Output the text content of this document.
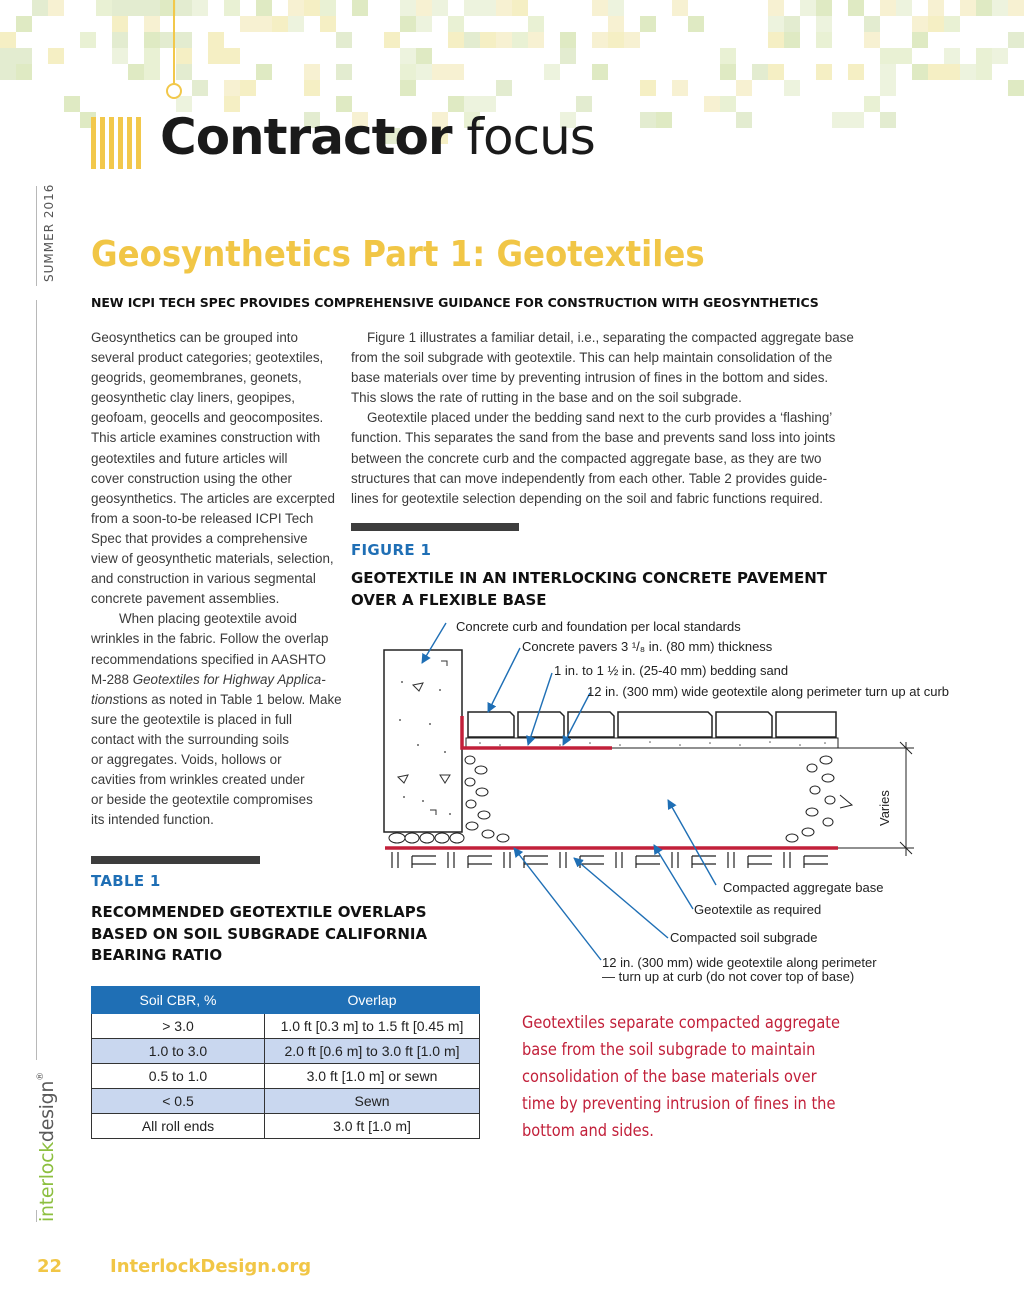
Contractor focus
SUMMER 2016
interlockdesign®
Geosynthetics Part 1: Geotextiles
NEW ICPI TECH SPEC PROVIDES COMPREHENSIVE GUIDANCE FOR CONSTRUCTION WITH GEOSYNTHETICS

Geosynthetics can be grouped into

several product categories; geotextiles,

geogrids, geomembranes, geonets,

geosynthetic clay liners, geopipes,

geofoam, geocells and geocomposites.

This article examines construction with

geotextiles and future articles will

cover construction using the other

geosynthetics. The articles are excerpted

from a soon-to-be released ICPI Tech

Spec that provides a comprehensive

view of geosynthetic materials, selection,

and construction in various segmental

concrete pavement assemblies.

When placing geotextile avoid

wrinkles in the fabric. Follow the overlap

recommendations specified in AASHTO

M-288 Geotextiles for Highway Applica-

tionstions as noted in Table 1 below. Make

sure the geotextile is placed in full

contact with the surrounding soils

or aggregates. Voids, hollows or

cavities from wrinkles created under

or beside the geotextile compromises

its intended function.

Figure 1 illustrates a familiar detail, i.e., separating the compacted aggregate base

from the soil subgrade with geotextile. This can help maintain consolidation of the

base materials over time by preventing intrusion of fines in the bottom and sides.

This slows the rate of rutting in the base and on the soil subgrade.

Geotextile placed under the bedding sand next to the curb provides a ‘flashing’

function. This separates the sand from the base and prevents sand loss into joints

between the concrete curb and the compacted aggregate base, as they are two

structures that can move independently from each other. Table 2 provides guide-

lines for geotextile selection depending on the soil and fabric functions required.

FIGURE 1
GEOTEXTILE IN AN INTERLOCKING CONCRETE PAVEMENT
OVER A FLEXIBLE BASE
Concrete curb and foundation per local standards
Concrete pavers 3 ¹/₈ in. (80 mm) thickness
1 in. to 1 ½ in. (25-40 mm) bedding sand
12 in. (300 mm) wide geotextile along perimeter turn up at curb
Varies
Compacted aggregate base
Geotextile as required
Compacted soil subgrade
12 in. (300 mm) wide geotextile along perimeter
— turn up at curb (do not cover top of base)
TABLE 1
RECOMMENDED GEOTEXTILE OVERLAPS
BASED ON SOIL SUBGRADE CALIFORNIA
BEARING RATIO
Soil CBR, %	Overlap
> 3.0	1.0 ft [0.3 m] to 1.5 ft [0.45 m]
1.0 to 3.0	2.0 ft [0.6 m] to 3.0 ft [1.0 m]
0.5 to 1.0	3.0 ft [1.0 m] or sewn
< 0.5	Sewn
All roll ends	3.0 ft [1.0 m]
Geotextiles separate compacted aggregate
base from the soil subgrade to maintain
consolidation of the base materials over
time by preventing intrusion of fines in the
bottom and sides.
22	InterlockDesign.org
